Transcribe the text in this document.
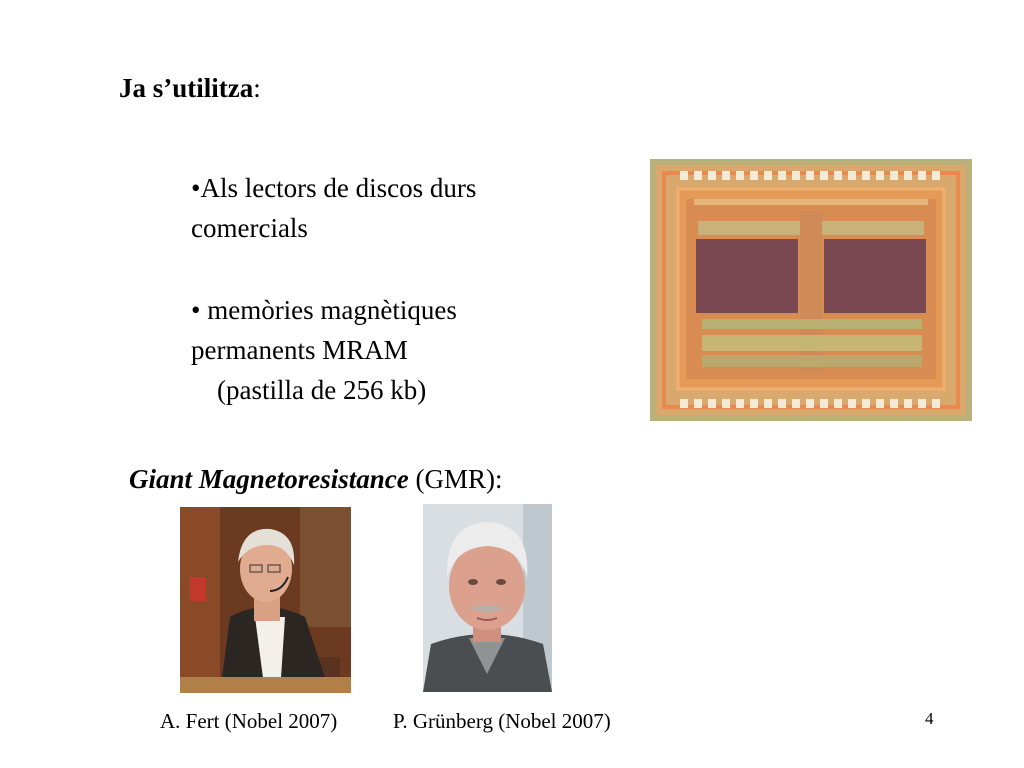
Ja s’utilitza:

•Als lectors de discos durs
comercials

• memòries magnètiques
permanents MRAM
(pastilla de 256 kb)

Giant Magnetoresistance (GMR):
A. Fert (Nobel 2007)	P. Grünberg (Nobel 2007)	4
